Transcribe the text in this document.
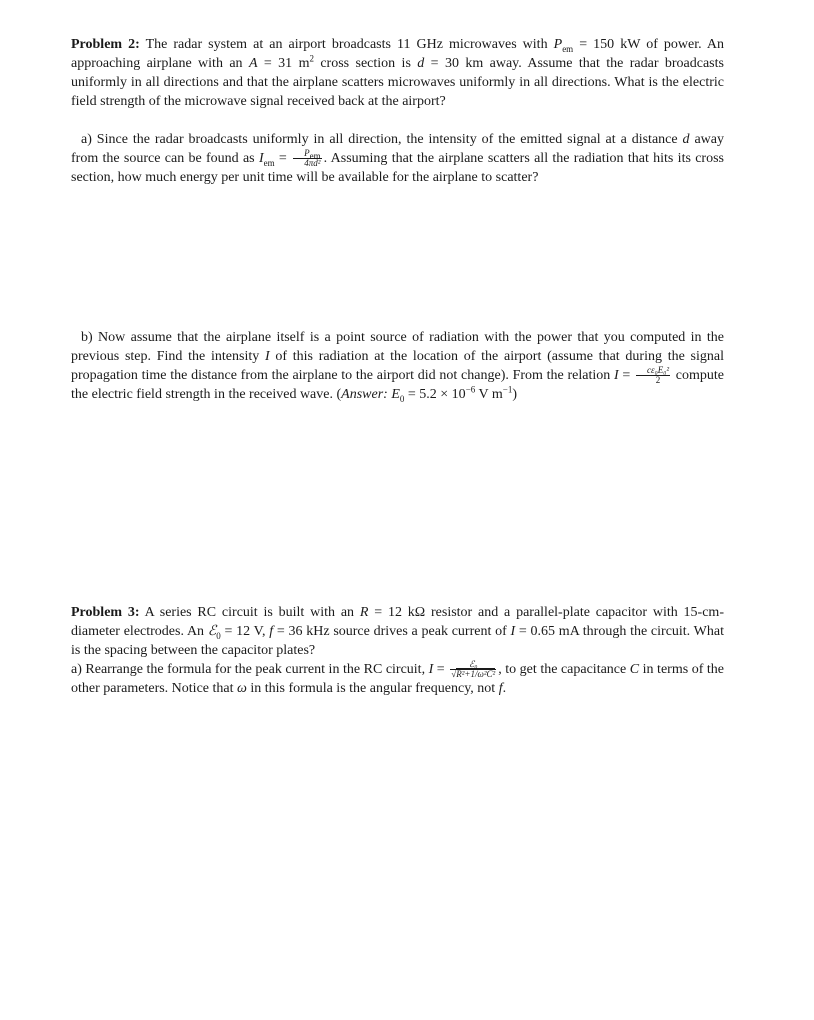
Problem 2: The radar system at an airport broadcasts 11 GHz microwaves with $P_{em} = 150$ kW of power. An approaching airplane with an A = 31 $m^2$ cross section is d = 30 km away. Assume that the radar broadcasts uniformly in all directions and that the airplane scatters microwaves uniformly in all directions. What is the electric field strength of the microwave signal received back at the airport?
a) Since the radar broadcasts uniformly in all direction, the intensity of the emitted signal at a distance d away from the source can be found as $I_{em} = \frac{P_{em}}{\text{4πd²}}$ . Assuming that the airplane scatters all the radiation that hits its cross section, how much energy per unit time will be available for the airplane to scatter?
b) Now assume that the airplane itself is a point source of radiation with the power that you computed in the previous step. Find the intensity I of this radiation at the location of the airport (assume that during the signal propagation time the distance from the airplane to the airport did not change). From the relation $I = \frac{\text{cε₀E₀²}}{2}$ compute the electric field strength in the received wave. (Answer: $E_0 = 5.2 \times 10^{-6}$ V $m^{-1}$)
Problem 3: A series RC circuit is built with an R = 12 kΩ resistor and a parallel-plate capacitor with 15-cm-diameter electrodes. An ℰ$_0$ = 12 V, f = 36 kHz source drives a peak current of I = 0.65 mA through the circuit. What is the spacing between the capacitor plates?
a) Rearrange the formula for the peak current in the RC circuit, $I = \frac{\text{ℰ₀}}{\text{√R²+1/ω²C²}}$ , to get the capacitance C in terms of the other parameters. Notice that ω in this formula is the angular frequency, not f.
